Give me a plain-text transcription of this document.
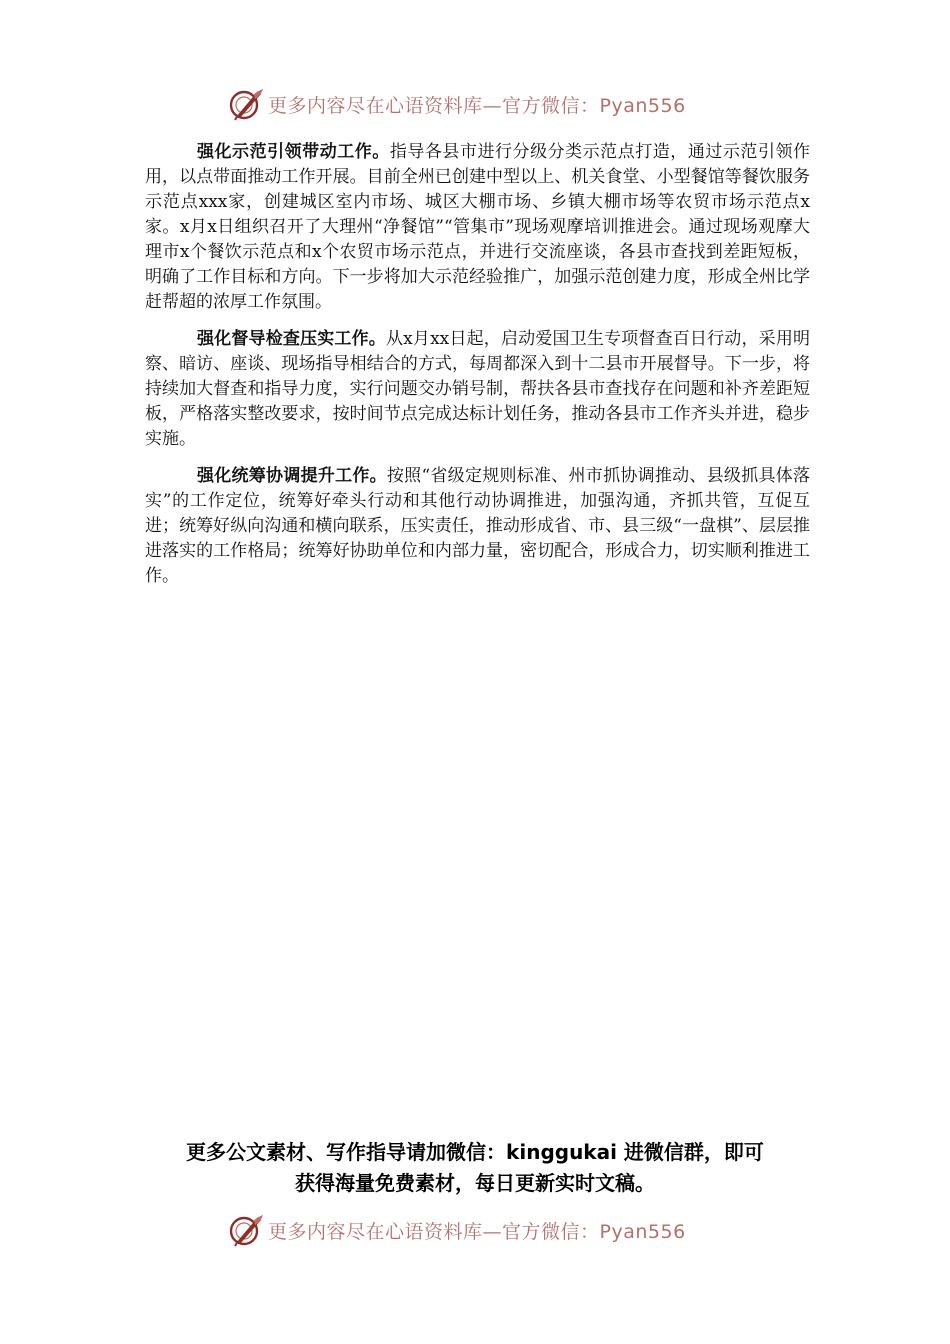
更多内容尽在心语资料库—官方微信：Pyan556

强化示范引领带动工作。指导各县市进行分级分类示范点打造，通过示范引领作用，以点带面推动工作开展。目前全州已创建中型以上、机关食堂、小型餐馆等餐饮服务示范点xxx家，创建城区室内市场、城区大棚市场、乡镇大棚市场等农贸市场示范点x家。x月x日组织召开了大理州“净餐馆”“管集市”现场观摩培训推进会。通过现场观摩大理市x个餐饮示范点和x个农贸市场示范点，并进行交流座谈，各县市查找到差距短板，明确了工作目标和方向。下一步将加大示范经验推广，加强示范创建力度，形成全州比学赶帮超的浓厚工作氛围。

强化督导检查压实工作。从x月xx日起，启动爱国卫生专项督查百日行动，采用明察、暗访、座谈、现场指导相结合的方式，每周都深入到十二县市开展督导。下一步，将持续加大督查和指导力度，实行问题交办销号制，帮扶各县市查找存在问题和补齐差距短板，严格落实整改要求，按时间节点完成达标计划任务，推动各县市工作齐头并进，稳步实施。

强化统筹协调提升工作。按照“省级定规则标准、州市抓协调推动、县级抓具体落实”的工作定位，统筹好牵头行动和其他行动协调推进，加强沟通，齐抓共管，互促互进；统筹好纵向沟通和横向联系，压实责任，推动形成省、市、县三级“一盘棋”、层层推进落实的工作格局；统筹好协助单位和内部力量，密切配合，形成合力，切实顺利推进工作。

更多公文素材、写作指导请加微信：kinggukai 进微信群，即可
获得海量免费素材，每日更新实时文稿。
更多内容尽在心语资料库—官方微信：Pyan556
